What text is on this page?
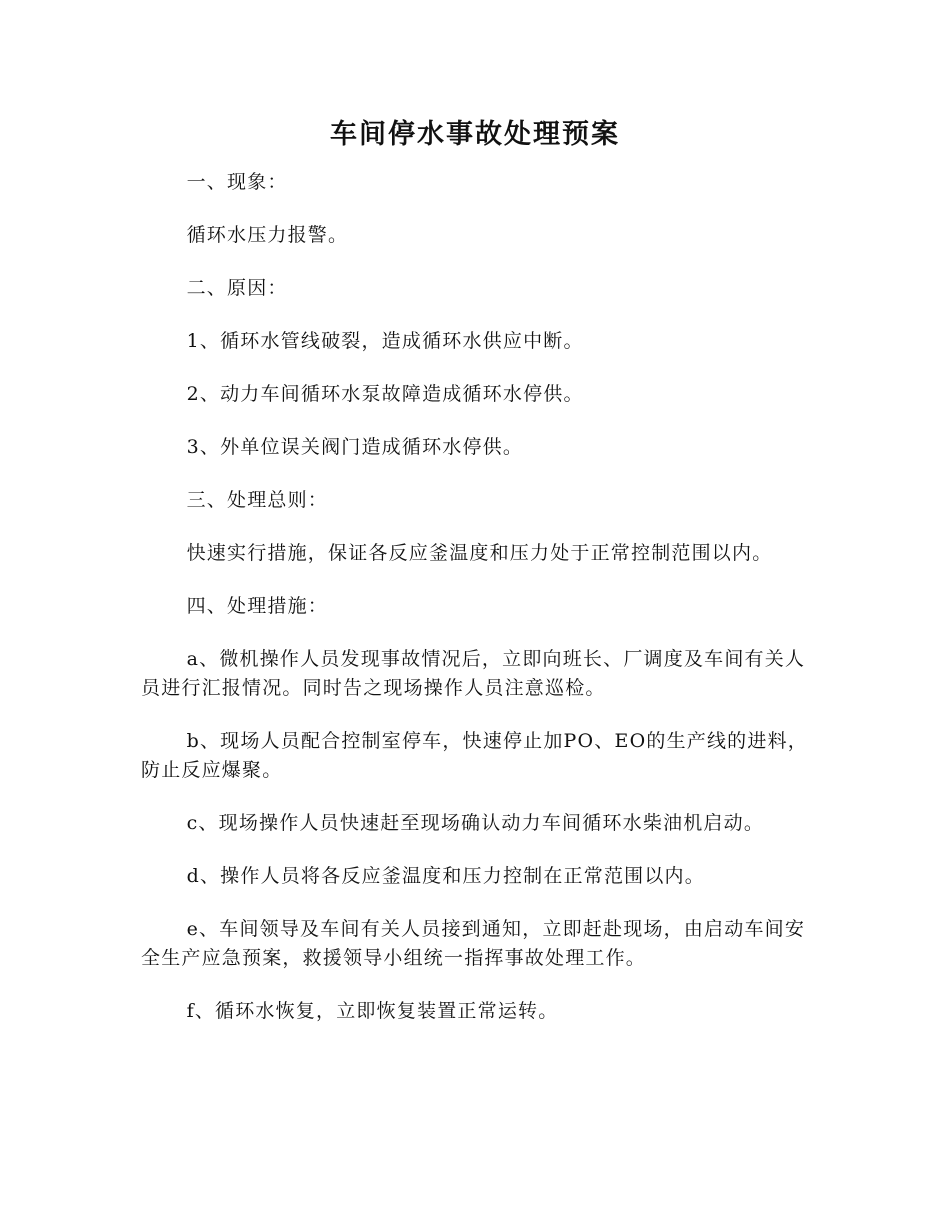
车间停水事故处理预案

一、现象：

循环水压力报警。

二、原因：

1、循环水管线破裂，造成循环水供应中断。

2、动力车间循环水泵故障造成循环水停供。

3、外单位误关阀门造成循环水停供。

三、处理总则：

快速实行措施，保证各反应釜温度和压力处于正常控制范围以内。

四、处理措施：

a、微机操作人员发现事故情况后，立即向班长、厂调度及车间有关人员进行汇报情况。同时告之现场操作人员注意巡检。

b、现场人员配合控制室停车，快速停止加PO、EO的生产线的进料，防止反应爆聚。

c、现场操作人员快速赶至现场确认动力车间循环水柴油机启动。

d、操作人员将各反应釜温度和压力控制在正常范围以内。

e、车间领导及车间有关人员接到通知，立即赶赴现场，由启动车间安全生产应急预案，救援领导小组统一指挥事故处理工作。

f、循环水恢复，立即恢复装置正常运转。
